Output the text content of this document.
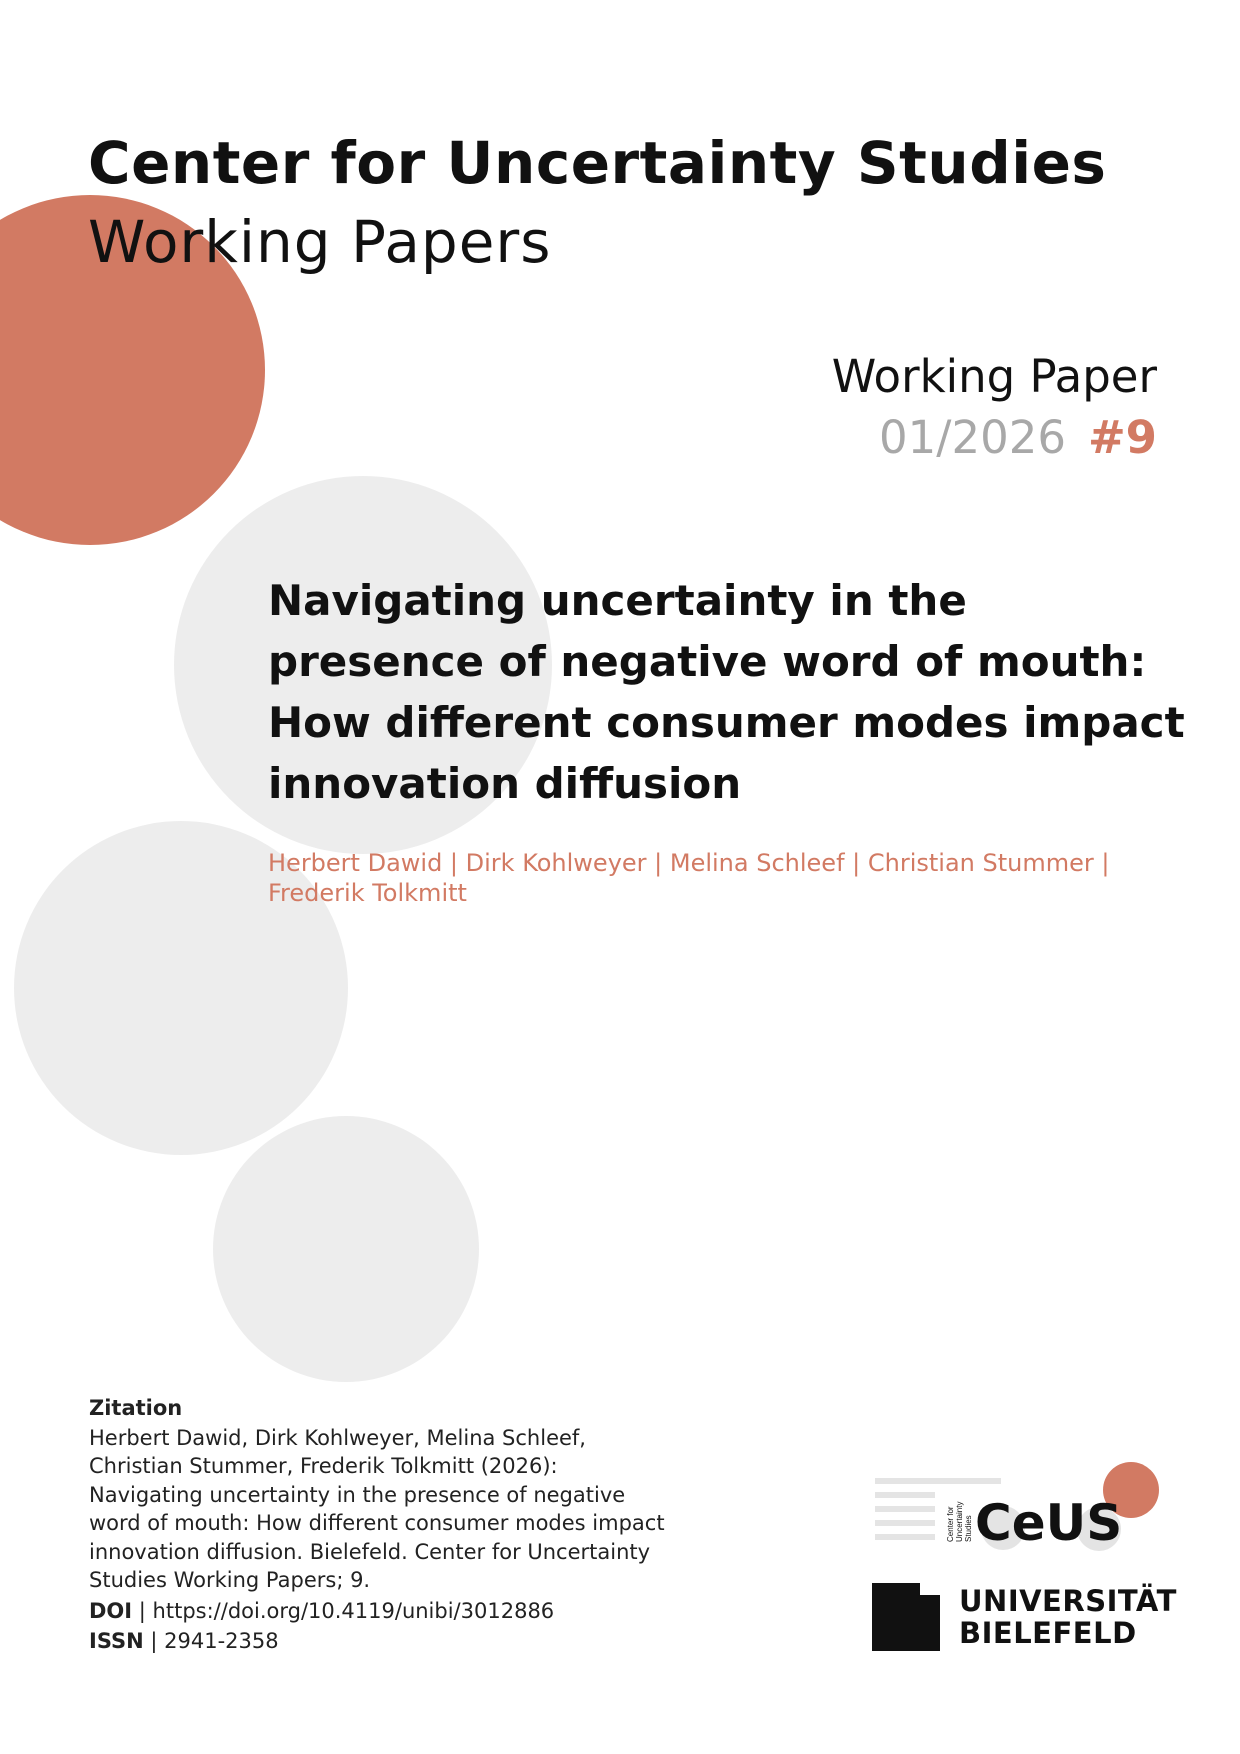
Center for Uncertainty Studies
Working Papers
Working Paper
01/2026 #9
Navigating uncertainty in the
presence of negative word of mouth:
How different consumer modes impact
innovation diffusion
Herbert Dawid | Dirk Kohlweyer | Melina Schleef | Christian Stummer |
Frederik Tolkmitt
Zitation
Herbert Dawid, Dirk Kohlweyer, Melina Schleef,
Christian Stummer, Frederik Tolkmitt (2026):
Navigating uncertainty in the presence of negative
word of mouth: How different consumer modes impact
innovation diffusion. Bielefeld. Center for Uncertainty
Studies Working Papers; 9.
DOI | https://doi.org/10.4119/unibi/3012886
ISSN | 2941-2358
Center for Uncertainty Studies CeUS
UNIVERSITÄT
BIELEFELD
